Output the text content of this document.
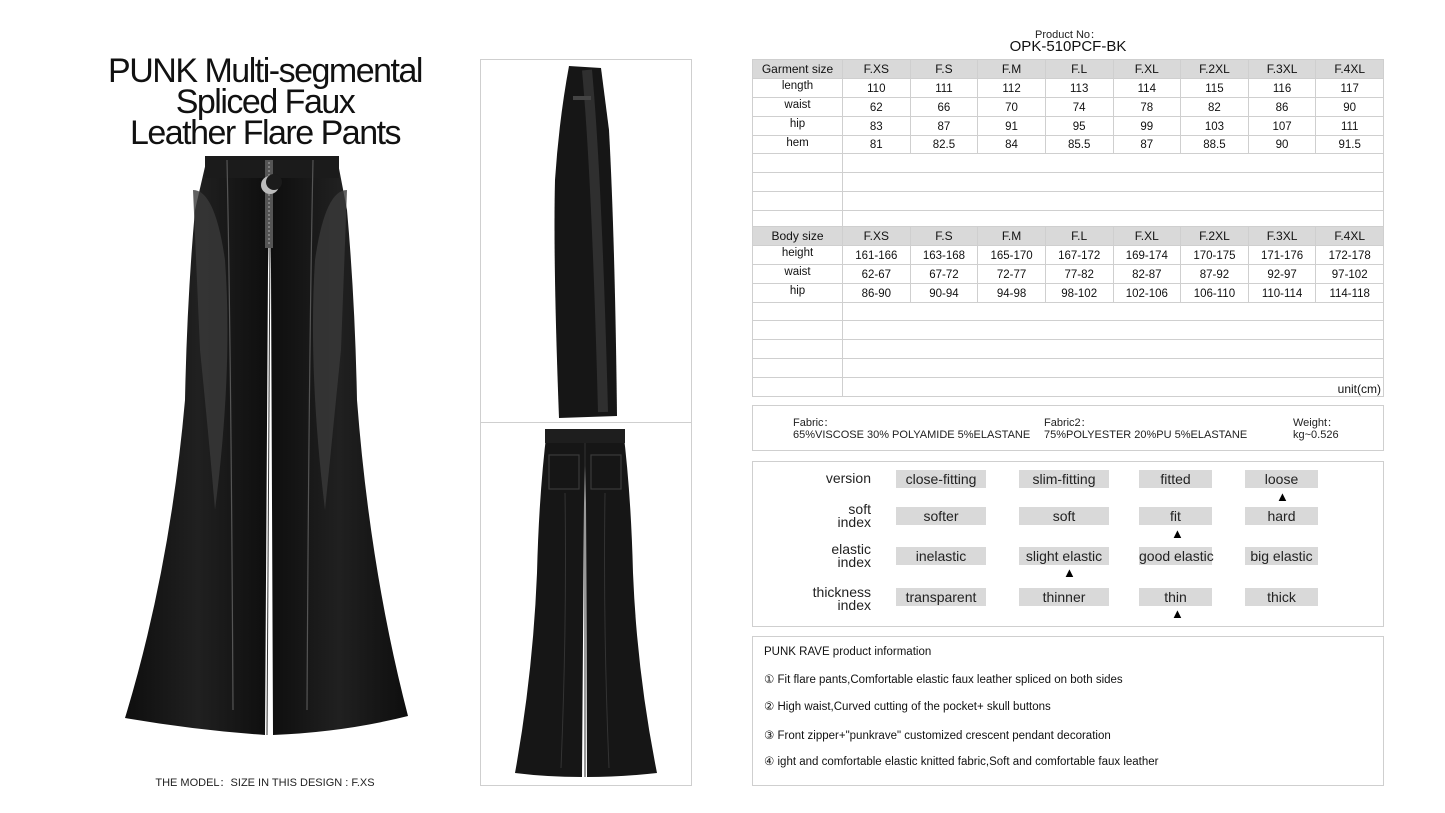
PUNK Multi-segmental
Spliced Faux
Leather Flare Pants
THE MODEL：SIZE IN THIS DESIGN : F.XS
Product No：
OPK-510PCF-BK
Garment size	F.XS	F.S	F.M	F.L	F.XL	F.2XL	F.3XL	F.4XL
length	110	111	112	113	114	115	116	117
waist	62	66	70	74	78	82	86	90
hip	83	87	91	95	99	103	107	111
hem	81	82.5	84	85.5	87	88.5	90	91.5

Body size	F.XS	F.S	F.M	F.L	F.XL	F.2XL	F.3XL	F.4XL
height	161-166	163-168	165-170	167-172	169-174	170-175	171-176	172-178
waist	62-67	67-72	72-77	77-82	82-87	87-92	92-97	97-102
hip	86-90	90-94	94-98	98-102	102-106	106-110	110-114	114-118

	unit(cm)							
Fabric：
65%VISCOSE 30% POLYAMIDE 5%ELASTANE
Fabric2：
75%POLYESTER 20%PU 5%ELASTANE
Weight：
kg~0.526
version	close-fitting	slim-fitting	fitted	loose
▲
soft
index	softer	soft	fit	hard
▲
elastic
index	inelastic	slight elastic	good elastic	big elastic
▲
thickness
index	transparent	thinner	thin	thick
▲
PUNK RAVE product information
① Fit flare pants,Comfortable elastic faux leather spliced on both sides
② High waist,Curved cutting of the pocket+ skull buttons
③ Front zipper+"punkrave" customized crescent pendant decoration
④ ight and comfortable elastic knitted fabric,Soft and comfortable faux leather
